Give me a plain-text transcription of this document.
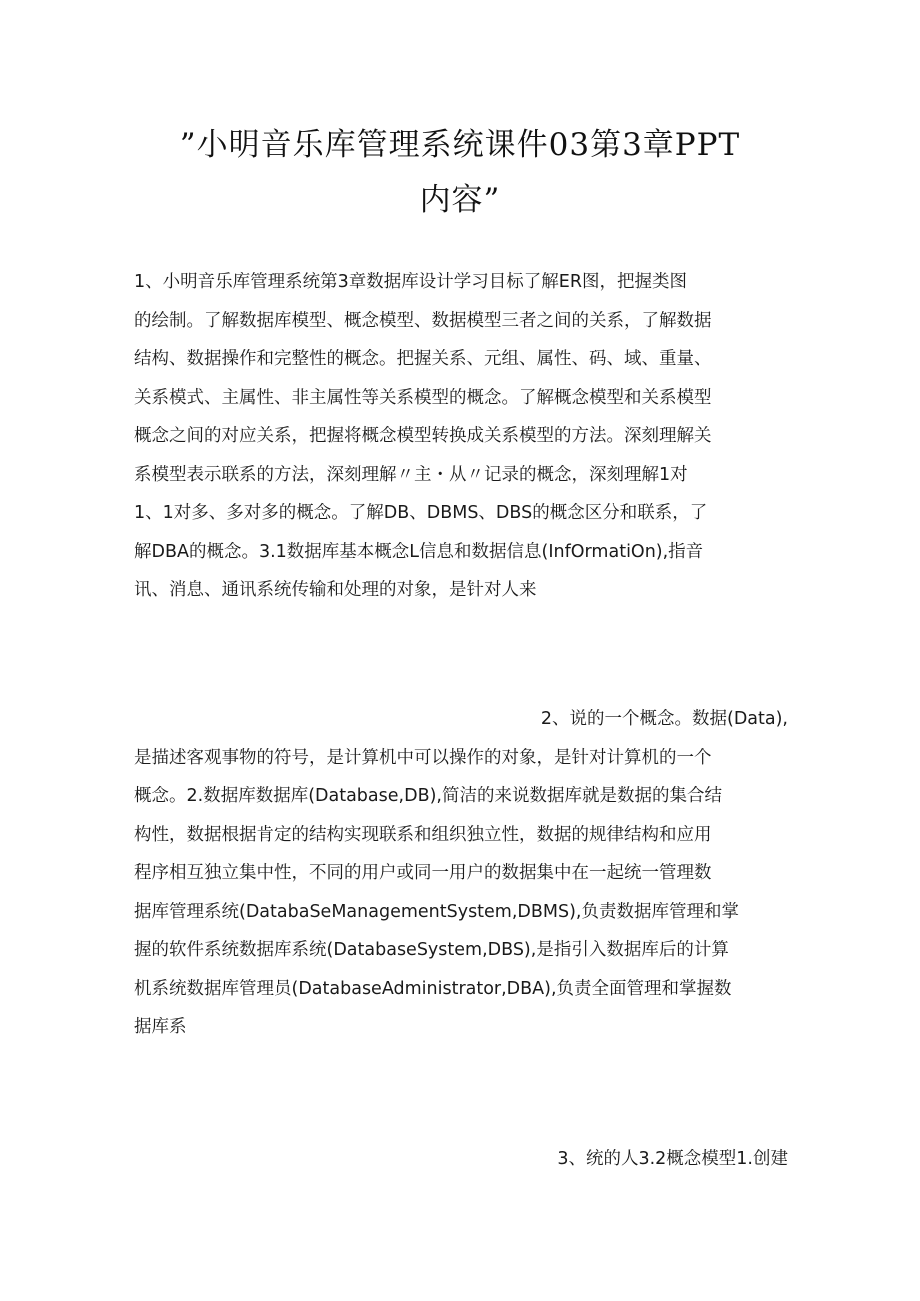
”小明音乐库管理系统课件03第3章PPT
内容”
1、小明音乐库管理系统第3章数据库设计学习目标了解ER图，把握类图
的绘制。了解数据库模型、概念模型、数据模型三者之间的关系，了解数据
结构、数据操作和完整性的概念。把握关系、元组、属性、码、域、重量、
关系模式、主属性、非主属性等关系模型的概念。了解概念模型和关系模型
概念之间的对应关系，把握将概念模型转换成关系模型的方法。深刻理解关
系模型表示联系的方法，深刻理解〃主・从〃记录的概念，深刻理解1对
1、1对多、多对多的概念。了解DB、DBMS、DBS的概念区分和联系，了
解DBA的概念。3.1数据库基本概念L信息和数据信息(InfOrmatiOn),指音
讯、消息、通讯系统传输和处理的对象，是针对人来
2、说的一个概念。数据(Data),
是描述客观事物的符号，是计算机中可以操作的对象，是针对计算机的一个
概念。2.数据库数据库(Database,DB),简洁的来说数据库就是数据的集合结
构性，数据根据肯定的结构实现联系和组织独立性，数据的规律结构和应用
程序相互独立集中性，不同的用户或同一用户的数据集中在一起统一管理数
据库管理系统(DatabaSeManagementSystem,DBMS),负责数据库管理和掌
握的软件系统数据库系统(DatabaseSystem,DBS),是指引入数据库后的计算
机系统数据库管理员(DatabaseAdministrator,DBA),负责全面管理和掌握数
据库系
3、统的人3.2概念模型1.创建
